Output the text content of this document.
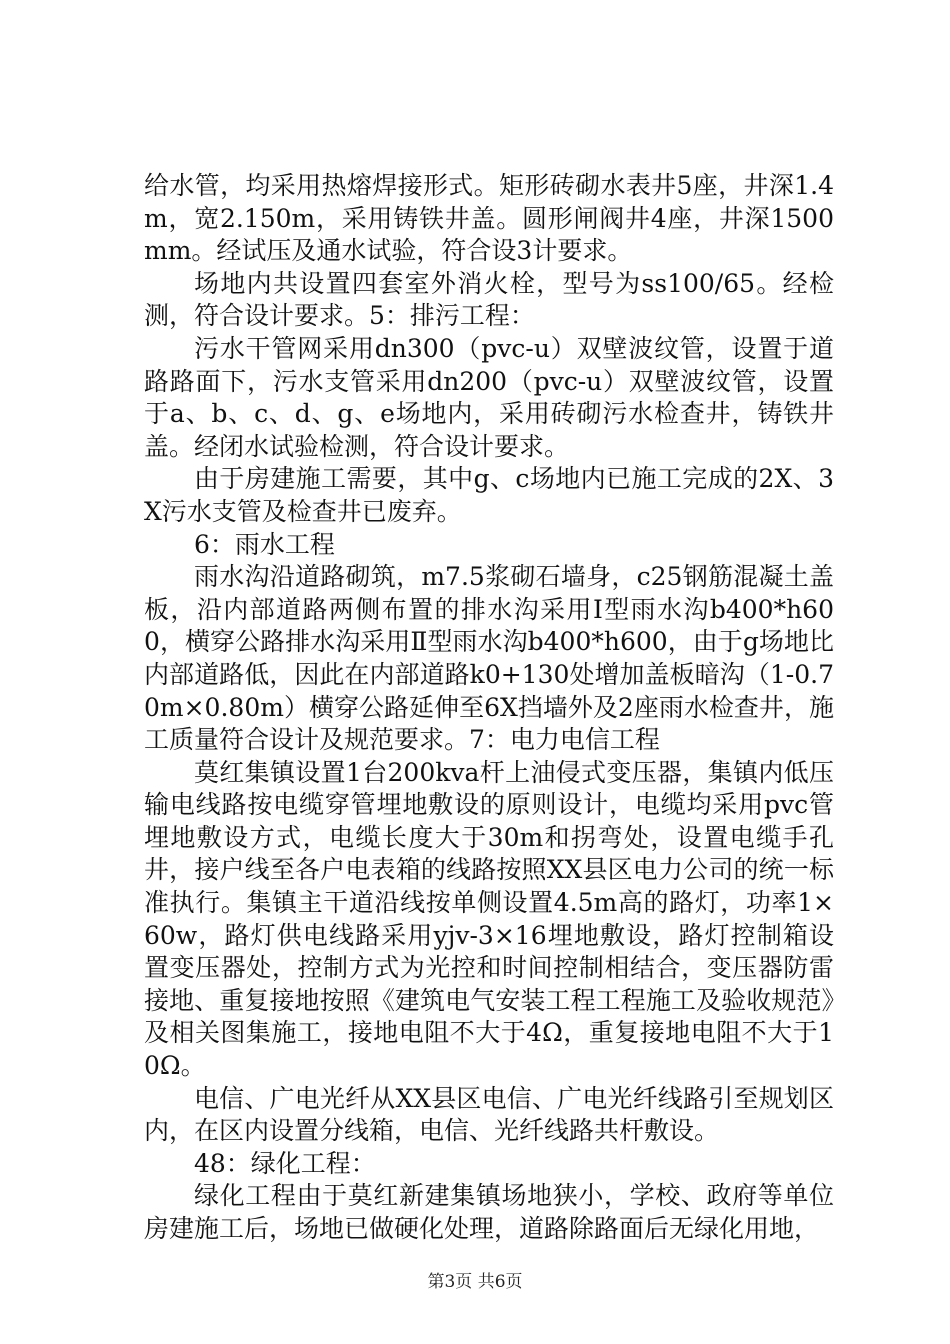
给水管，均采用热熔焊接形式。矩形砖砌水表井5座，井深1.4m，宽2.150m，采用铸铁井盖。圆形闸阀井4座，井深1500mm。经试压及通水试验，符合设3计要求。

场地内共设置四套室外消火栓，型号为ss100/65。经检测，符合设计要求。5：排污工程：

污水干管网采用dn300（pvc-u）双壁波纹管，设置于道路路面下，污水支管采用dn200（pvc-u）双壁波纹管，设置于a、b、c、d、g、e场地内，采用砖砌污水检查井，铸铁井盖。经闭水试验检测，符合设计要求。

由于房建施工需要，其中g、c场地内已施工完成的2X、3X污水支管及检查井已废弃。

6：雨水工程

雨水沟沿道路砌筑，m7.5浆砌石墙身，c25钢筋混凝土盖板，沿内部道路两侧布置的排水沟采用Ⅰ型雨水沟b400*h600，横穿公路排水沟采用Ⅱ型雨水沟b400*h600，由于g场地比内部道路低，因此在内部道路k0+130处增加盖板暗沟（1-0.70m×0.80m）横穿公路延伸至6X挡墙外及2座雨水检查井，施工质量符合设计及规范要求。7：电力电信工程

莫红集镇设置1台200kva杆上油侵式变压器，集镇内低压输电线路按电缆穿管埋地敷设的原则设计，电缆均采用pvc管埋地敷设方式，电缆长度大于30m和拐弯处，设置电缆手孔井，接户线至各户电表箱的线路按照XX县区电力公司的统一标准执行。集镇主干道沿线按单侧设置4.5m高的路灯，功率1×60w，路灯供电线路采用yjv-3×16埋地敷设，路灯控制箱设置变压器处，控制方式为光控和时间控制相结合，变压器防雷接地、重复接地按照《建筑电气安装工程工程施工及验收规范》及相关图集施工，接地电阻不大于4Ω，重复接地电阻不大于10Ω。

电信、广电光纤从XX县区电信、广电光纤线路引至规划区内，在区内设置分线箱，电信、光纤线路共杆敷设。

48：绿化工程：

绿化工程由于莫红新建集镇场地狭小，学校、政府等单位房建施工后，场地已做硬化处理，道路除路面后无绿化用地，

第3页 共6页
